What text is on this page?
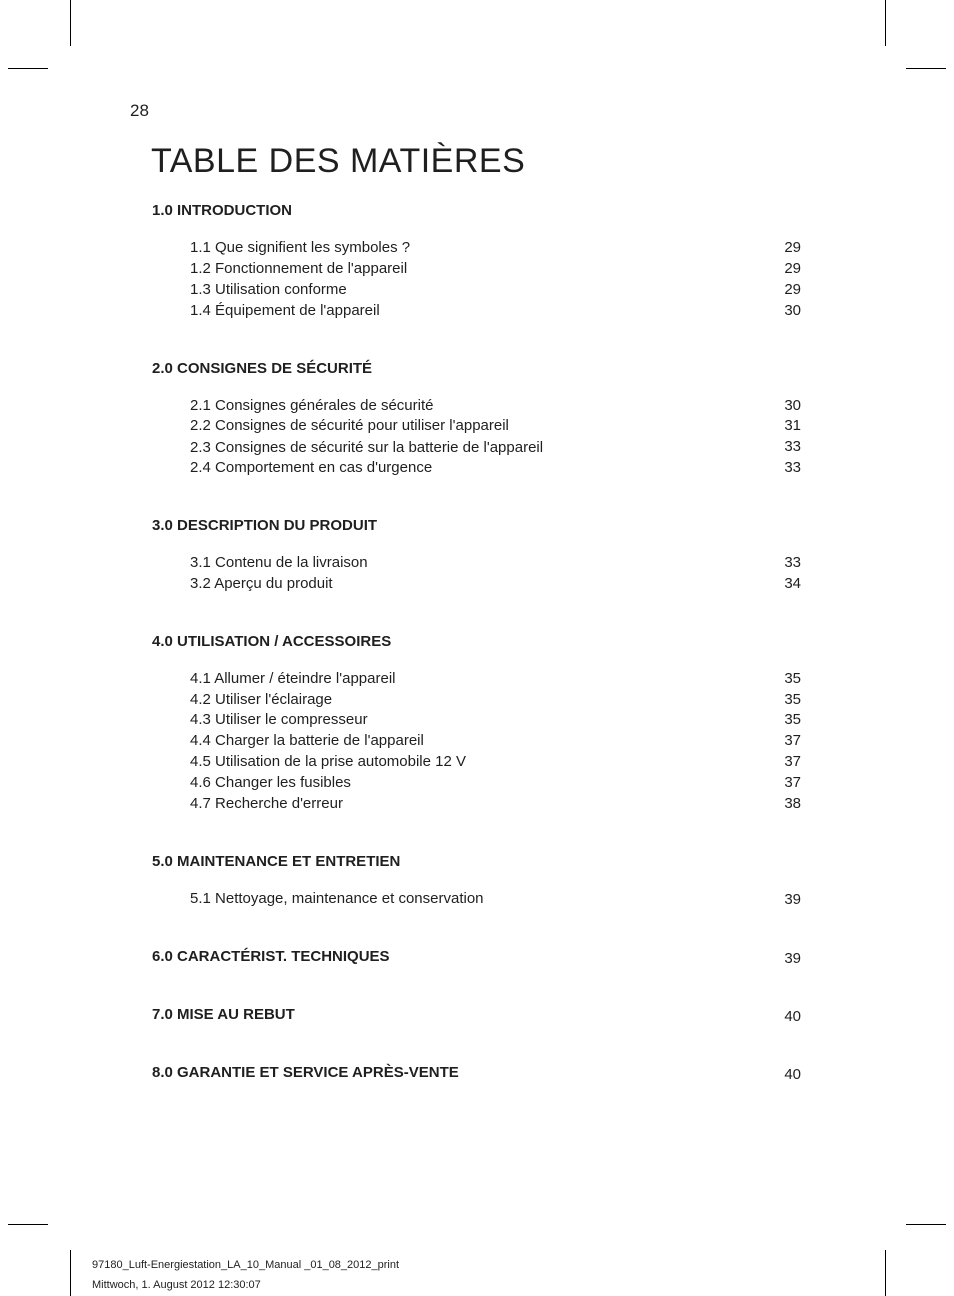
28
TABLE DES MATIÈRES
1.0 INTRODUCTION
1.1 Que signifient les symboles ?	29
1.2 Fonctionnement de l'appareil	29
1.3 Utilisation conforme	29
1.4 Équipement de l'appareil	30
2.0 CONSIGNES DE SÉCURITÉ
2.1 Consignes générales de sécurité	30
2.2 Consignes de sécurité pour utiliser l'appareil	31
2.3 Consignes de sécurité sur la batterie de l'appareil	33
2.4 Comportement en cas d'urgence	33
3.0 DESCRIPTION DU PRODUIT
3.1 Contenu de la livraison	33
3.2 Aperçu du produit	34
4.0 UTILISATION / ACCESSOIRES
4.1 Allumer / éteindre l'appareil	35
4.2 Utiliser l'éclairage	35
4.3 Utiliser le compresseur	35
4.4 Charger la batterie de l'appareil	37
4.5 Utilisation de la prise automobile 12 V	37
4.6 Changer les fusibles	37
4.7 Recherche d'erreur	38
5.0 MAINTENANCE ET ENTRETIEN
5.1 Nettoyage, maintenance et conservation	39
6.0 CARACTÉRIST. TECHNIQUES	39
7.0 MISE AU REBUT	40
8.0 GARANTIE ET SERVICE APRÈS-VENTE	40
97180_Luft-Energiestation_LA_10_Manual _01_08_2012_print
Mittwoch, 1. August 2012 12:30:07
